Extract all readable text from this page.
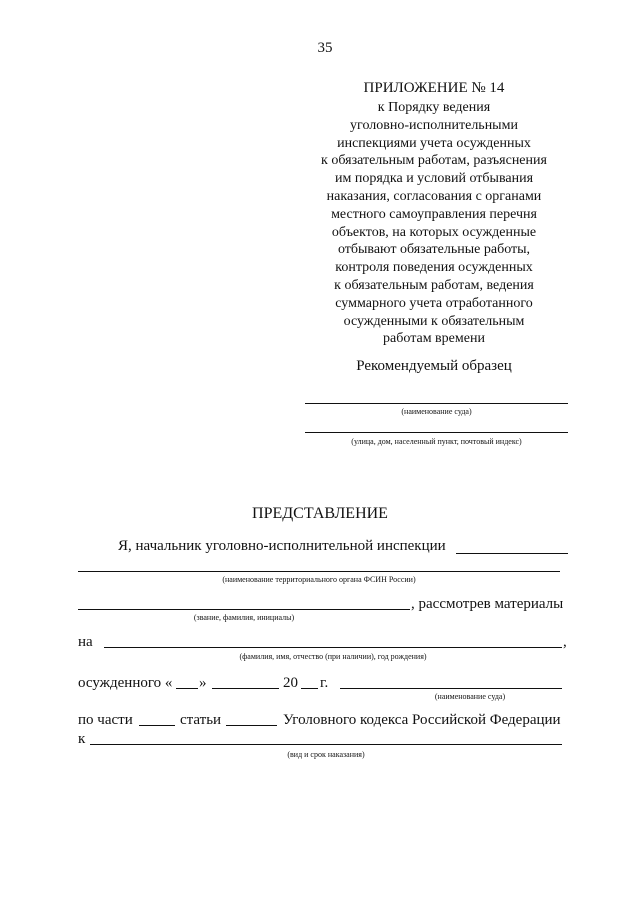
35
ПРИЛОЖЕНИЕ № 14
к Порядку ведения
уголовно-исполнительными
инспекциями учета осужденных
к обязательным работам, разъяснения
им порядка и условий отбывания
наказания, согласования с органами
местного самоуправления перечня
объектов, на которых осужденные
отбывают обязательные работы,
контроля поведения осужденных
к обязательным работам, ведения
суммарного учета отработанного
осужденными к обязательным
работам времени
Рекомендуемый образец
(наименование суда)
(улица, дом, населенный пункт, почтовый индекс)
ПРЕДСТАВЛЕНИЕ
Я, начальник уголовно-исполнительной инспекции
(наименование территориального органа ФСИН России)
, рассмотрев материалы
(звание, фамилия, инициалы)
на	,
(фамилия, имя, отчество (при наличии), год рождения)
осужденного « »	20 г.
(наименование суда)
по части	статьи	Уголовного кодекса Российской Федерации
к
(вид и срок наказания)
